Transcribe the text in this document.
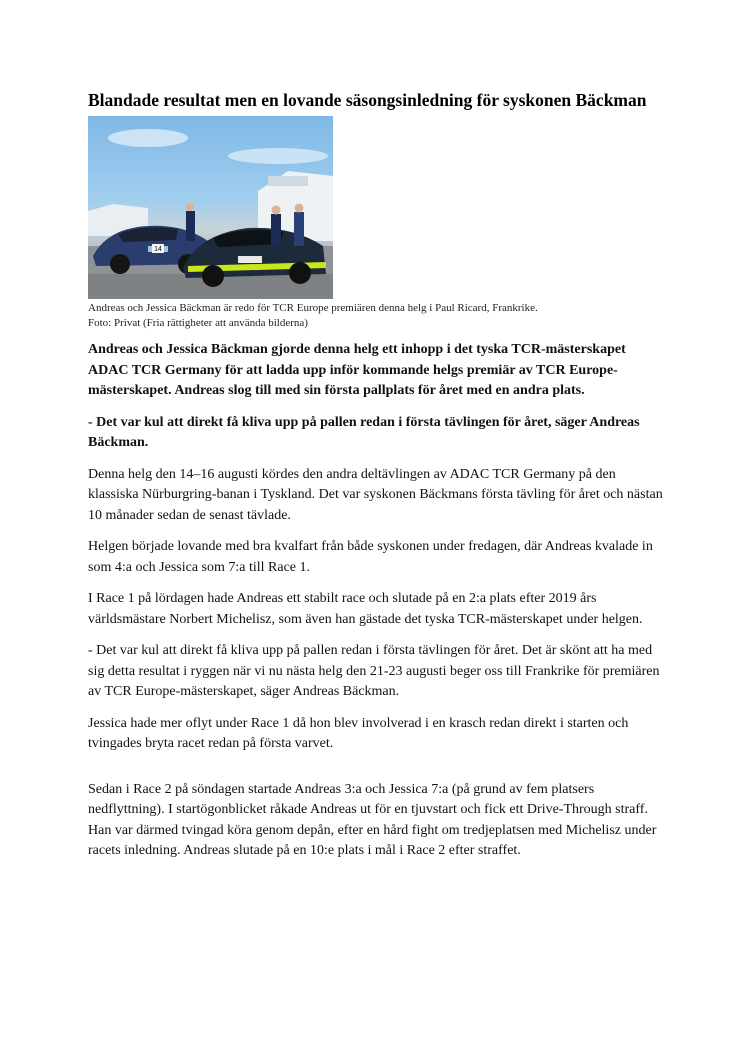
Blandade resultat men en lovande säsongsinledning för syskonen Bäckman
14
Andreas och Jessica Bäckman är redo för TCR Europe premiären denna helg i Paul Ricard, Frankrike.
Foto: Privat (Fria rättigheter att använda bilderna)
Andreas och Jessica Bäckman gjorde denna helg ett inhopp i det tyska TCR-mästerskapet ADAC TCR Germany för att ladda upp inför kommande helgs premiär av TCR Europe-mästerskapet. Andreas slog till med sin första pallplats för året med en andra plats.
- Det var kul att direkt få kliva upp på pallen redan i första tävlingen för året, säger Andreas Bäckman.

Denna helg den 14–16 augusti kördes den andra deltävlingen av ADAC TCR Germany på den klassiska Nürburgring-banan i Tyskland. Det var syskonen Bäckmans första tävling för året och nästan 10 månader sedan de senast tävlade.

Helgen började lovande med bra kvalfart från både syskonen under fredagen, där Andreas kvalade in som 4:a och Jessica som 7:a till Race 1.

I Race 1 på lördagen hade Andreas ett stabilt race och slutade på en 2:a plats efter 2019 års världsmästare Norbert Michelisz, som även han gästade det tyska TCR-mästerskapet under helgen.

- Det var kul att direkt få kliva upp på pallen redan i första tävlingen för året. Det är skönt att ha med sig detta resultat i ryggen när vi nu nästa helg den 21-23 augusti beger oss till Frankrike för premiären av TCR Europe-mästerskapet, säger Andreas Bäckman.

Jessica hade mer oflyt under Race 1 då hon blev involverad i en krasch redan direkt i starten och tvingades bryta racet redan på första varvet.

Sedan i Race 2 på söndagen startade Andreas 3:a och Jessica 7:a (på grund av fem platsers nedflyttning). I startögonblicket råkade Andreas ut för en tjuvstart och fick ett Drive-Through straff. Han var därmed tvingad köra genom depån, efter en hård fight om tredjeplatsen med Michelisz under racets inledning. Andreas slutade på en 10:e plats i mål i Race 2 efter straffet.
